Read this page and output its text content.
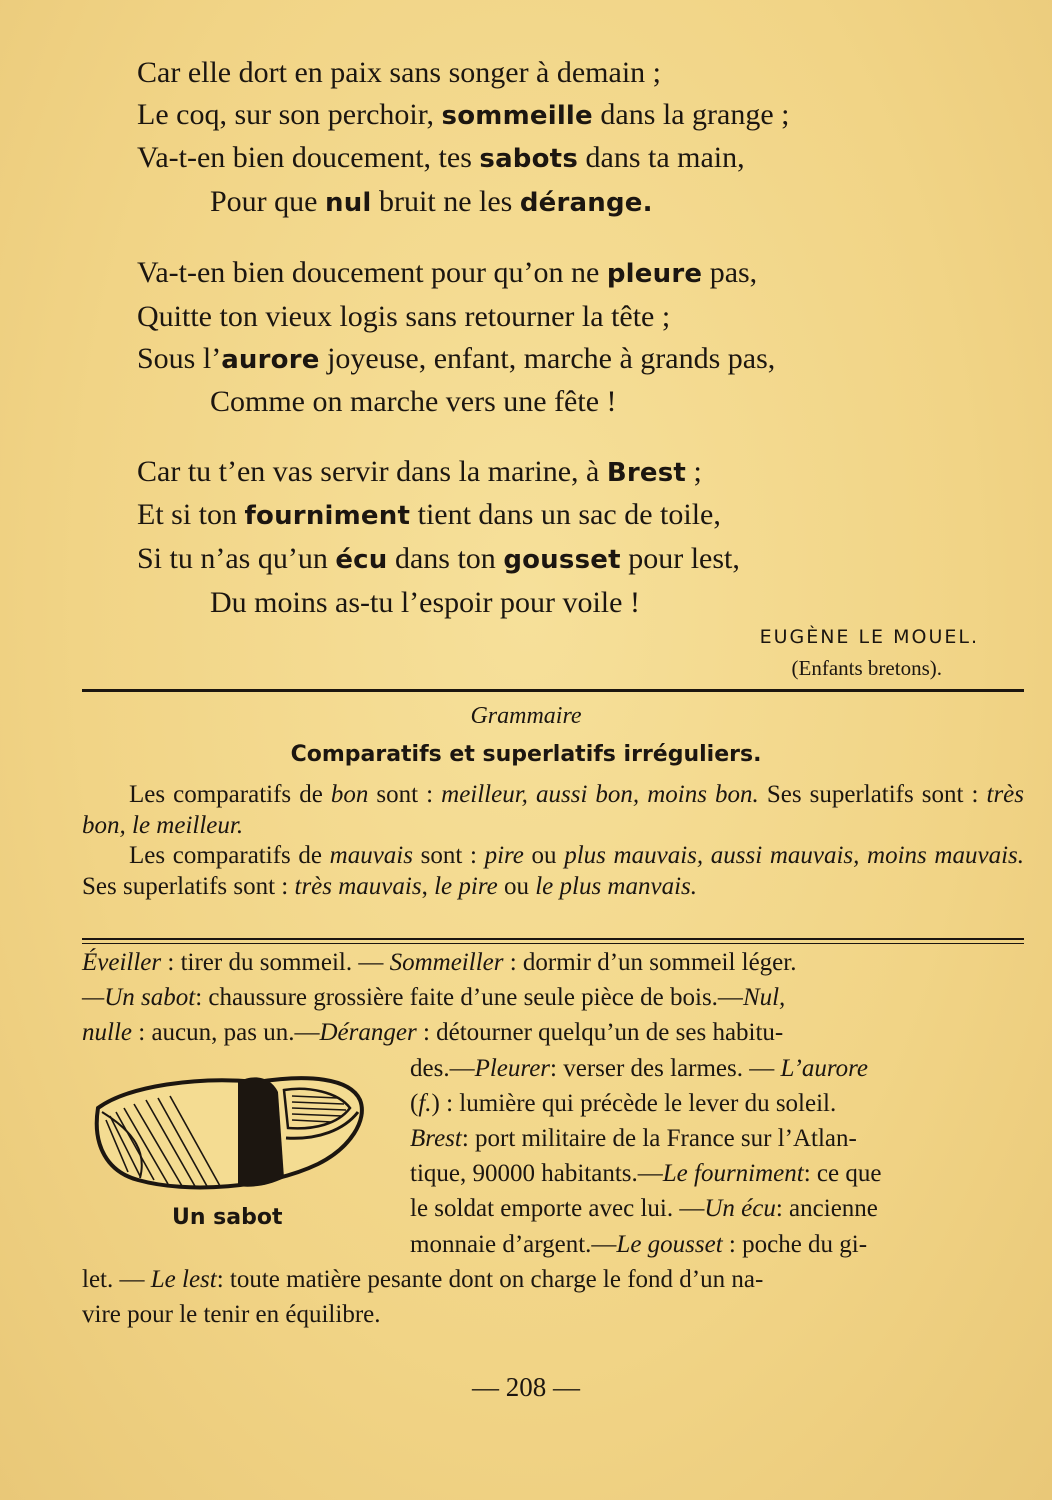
Car elle dort en paix sans songer à demain ;
Le coq, sur son perchoir, sommeille dans la grange ;
Va-t-en bien doucement, tes sabots dans ta main,
Pour que nul bruit ne les dérange.
Va-t-en bien doucement pour qu’on ne pleure pas,
Quitte ton vieux logis sans retourner la tête ;
Sous l’aurore joyeuse, enfant, marche à grands pas,
Comme on marche vers une fête !
Car tu t’en vas servir dans la marine, à Brest ;
Et si ton fourniment tient dans un sac de toile,
Si tu n’as qu’un écu dans ton gousset pour lest,
Du moins as-tu l’espoir pour voile !
EUGÈNE LE MOUEL.
(Enfants bretons).
Grammaire
Comparatifs et superlatifs irréguliers.

Les comparatifs de bon sont : meilleur, aussi bon, moins bon. Ses superlatifs sont : très bon, le meilleur.

Les comparatifs de mauvais sont : pire ou plus mauvais, aussi mauvais, moins mauvais. Ses superlatifs sont : très mauvais, le pire ou le plus manvais.

Éveiller : tirer du sommeil. — Sommeiller : dormir d’un sommeil léger.
—Un sabot: chaussure grossière faite d’une seule pièce de bois.—Nul,
nulle : aucun, pas un.—Déranger : détourner quelqu’un de ses habitu-
des.—Pleurer: verser des larmes. — L’aurore
(f.) : lumière qui précède le lever du soleil.
Brest: port militaire de la France sur l’Atlan-
tique, 90000 habitants.—Le fourniment: ce que
le soldat emporte avec lui. —Un écu: ancienne
monnaie d’argent.—Le gousset : poche du gi-
let. — Le lest: toute matière pesante dont on charge le fond d’un na-
vire pour le tenir en équilibre.
Un sabot
— 208 —
